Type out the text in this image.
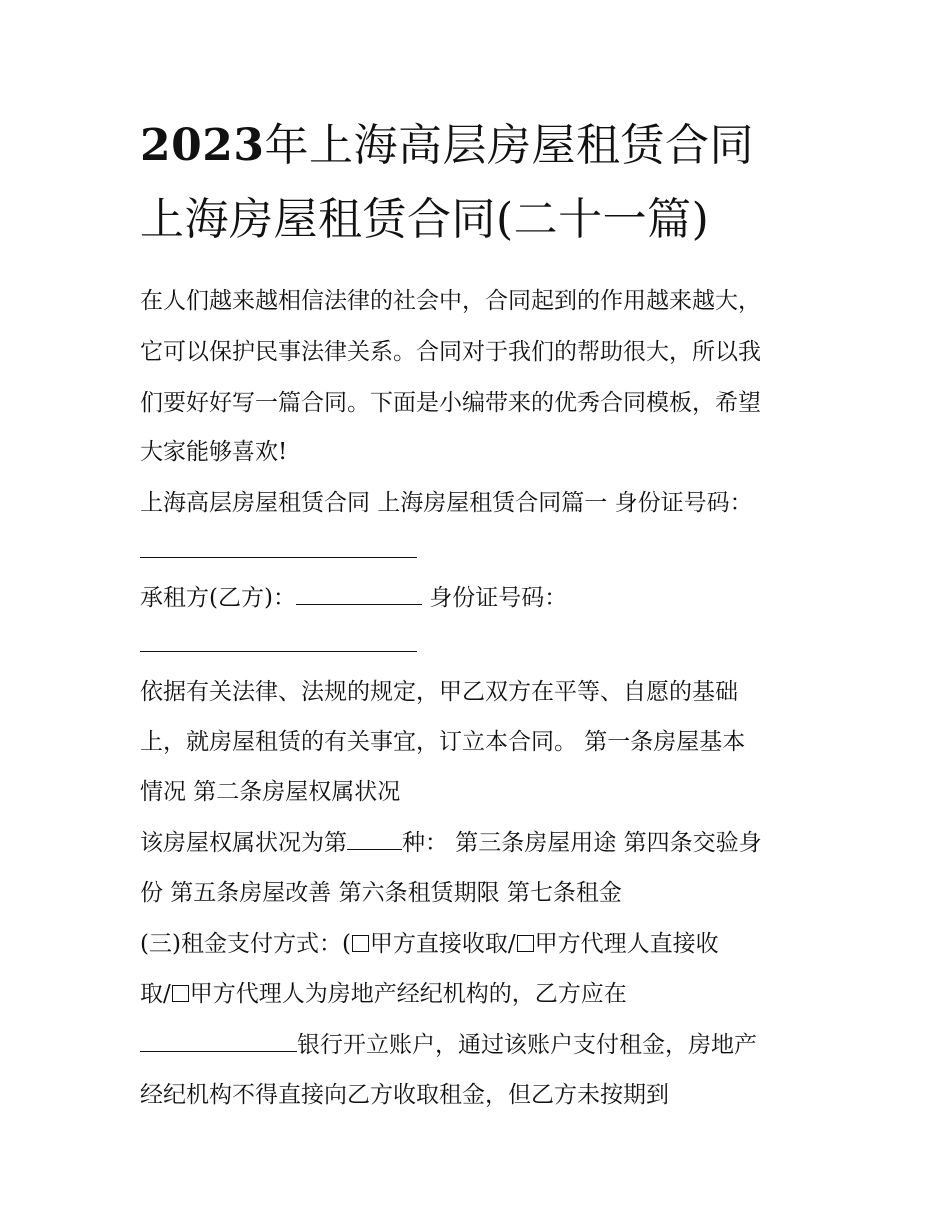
2023年上海高层房屋租赁合同
上海房屋租赁合同(二十一篇)
在人们越来越相信法律的社会中，合同起到的作用越来越大，
它可以保护民事法律关系。合同对于我们的帮助很大，所以我
们要好好写一篇合同。下面是小编带来的优秀合同模板，希望
大家能够喜欢!
上海高层房屋租赁合同 上海房屋租赁合同篇一 身份证号码：
承租方(乙方)：	身份证号码：
依据有关法律、法规的规定，甲乙双方在平等、自愿的基础
上，就房屋租赁的有关事宜，订立本合同。 第一条房屋基本
情况 第二条房屋权属状况
该房屋权属状况为第 种： 第三条房屋用途 第四条交验身
份 第五条房屋改善 第六条租赁期限 第七条租金
(三)租金支付方式：( 甲方直接收取/ 甲方代理人直接收
取/ 甲方代理人为房地产经纪机构的，乙方应在
银行开立账户，通过该账户支付租金，房地产
经纪机构不得直接向乙方收取租金，但乙方未按期到
